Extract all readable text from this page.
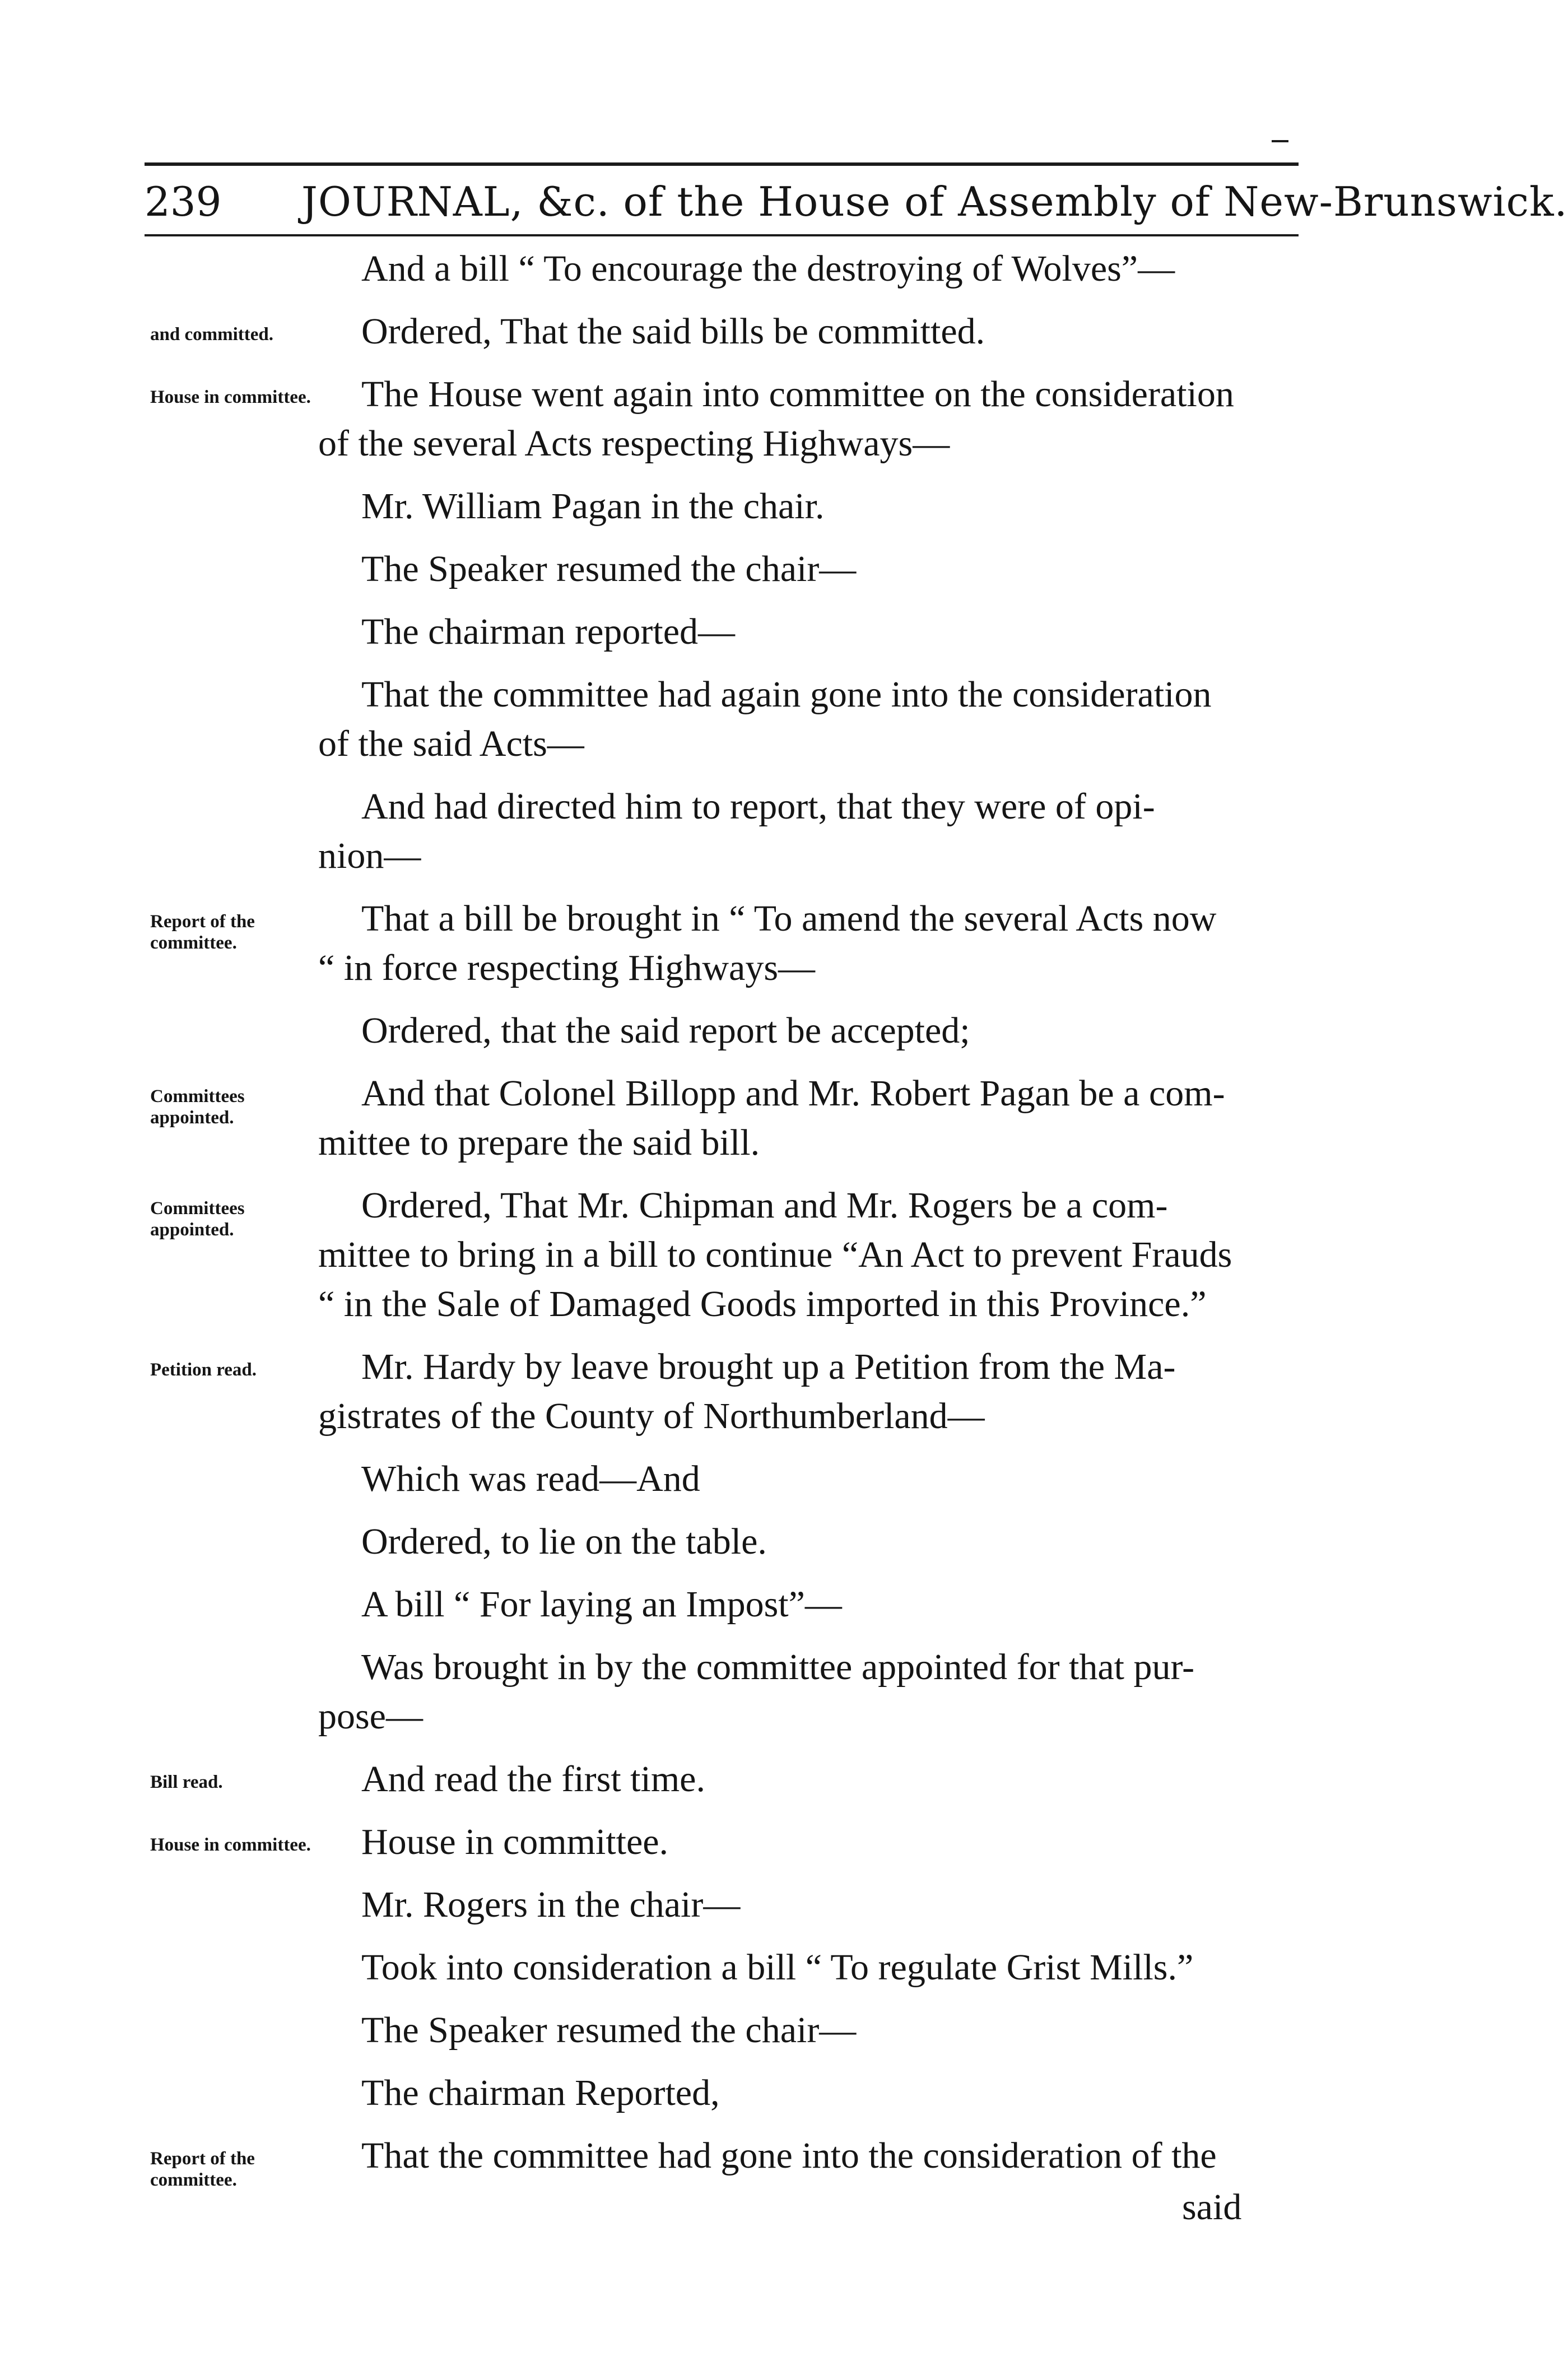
239 JOURNAL, &c. of the House of Assembly of New-Brunswick.
And a bill “ To encourage the destroying of Wolves”—
and committed.	Ordered, That the said bills be committed.
House in committee. The House went again into committee on the consideration
of the several Acts respecting Highways—
Mr. William Pagan in the chair.
The Speaker resumed the chair—
The chairman reported—
That the committee had again gone into the consideration
of the said Acts—
And had directed him to report, that they were of opi-
nion—
Report of the committee.
That a bill be brought in “ To amend the several Acts now
“ in force respecting Highways—
Ordered, that the said report be accepted;
Committees appointed.
And that Colonel Billopp and Mr. Robert Pagan be a com-
mittee to prepare the said bill.
Committees appointed.
Ordered, That Mr. Chipman and Mr. Rogers be a com-
mittee to bring in a bill to continue “An Act to prevent Frauds
“ in the Sale of Damaged Goods imported in this Province.”
Petition read.	Mr. Hardy by leave brought up a Petition from the Ma-
gistrates of the County of Northumberland—
Which was read—And
Ordered, to lie on the table.
A bill “ For laying an Impost”—
Was brought in by the committee appointed for that pur-
pose—
Bill read.	And read the first time.
House in committee. House in committee.
Mr. Rogers in the chair—
Took into consideration a bill “ To regulate Grist Mills.”
The Speaker resumed the chair—
The chairman Reported,
Report of the committee.
That the committee had gone into the consideration of the
said
